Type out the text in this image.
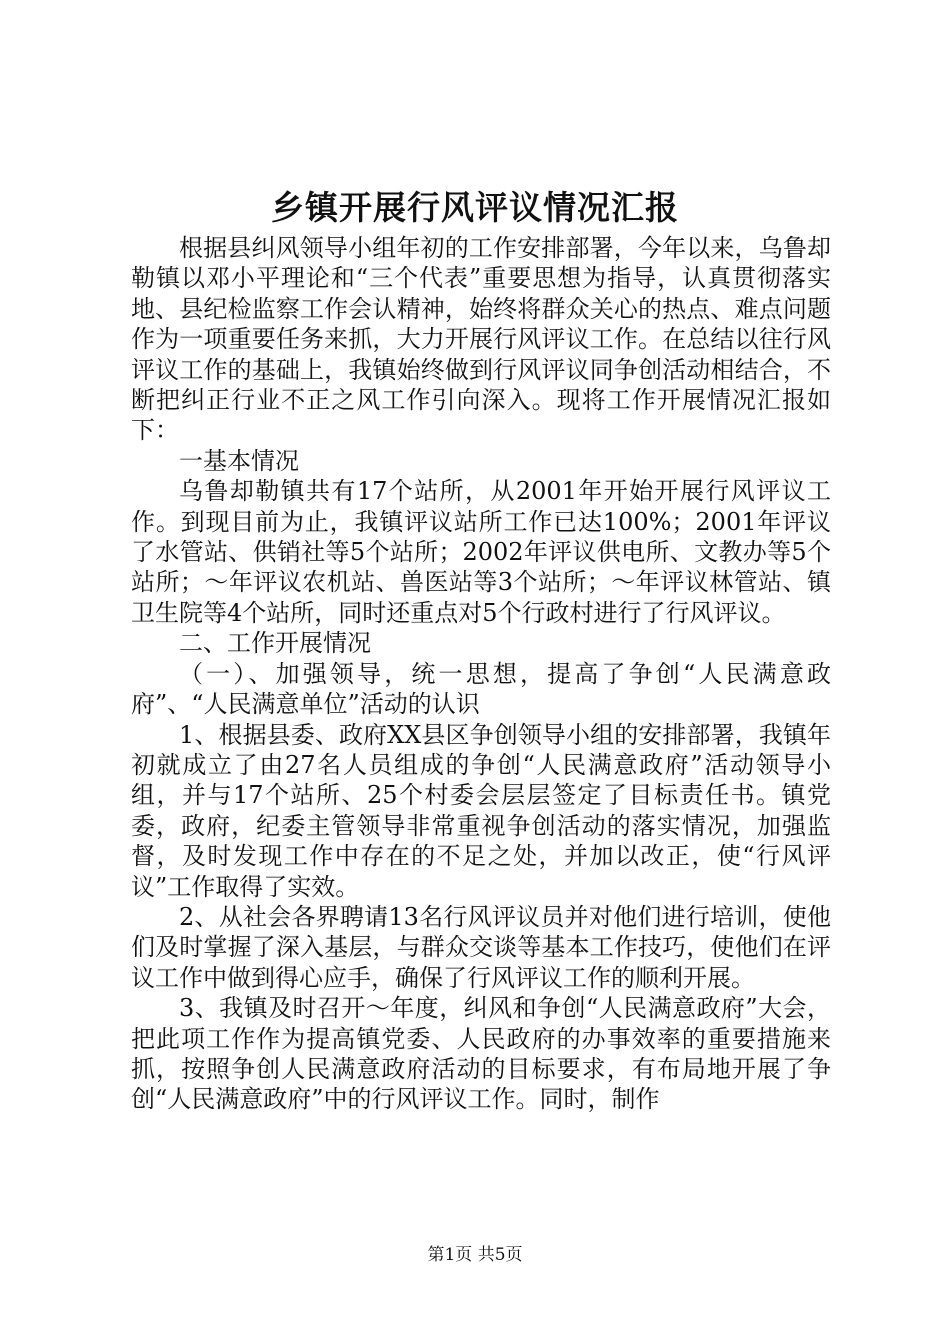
乡镇开展行风评议情况汇报

根据县纠风领导小组年初的工作安排部署，今年以来，乌鲁却勒镇以邓小平理论和“三个代表”重要思想为指导，认真贯彻落实地、县纪检监察工作会认精神，始终将群众关心的热点、难点问题作为一项重要任务来抓，大力开展行风评议工作。在总结以往行风评议工作的基础上，我镇始终做到行风评议同争创活动相结合，不断把纠正行业不正之风工作引向深入。现将工作开展情况汇报如下：

一基本情况

乌鲁却勒镇共有17个站所，从2001年开始开展行风评议工作。到现目前为止，我镇评议站所工作已达100%；2001年评议了水管站、供销社等5个站所；2002年评议供电所、文教办等5个站所；～年评议农机站、兽医站等3个站所；～年评议林管站、镇卫生院等4个站所，同时还重点对5个行政村进行了行风评议。

二、工作开展情况

（一）、加强领导，统一思想，提高了争创“人民满意政府”、“人民满意单位”活动的认识

1、根据县委、政府XX县区争创领导小组的安排部署，我镇年初就成立了由27名人员组成的争创“人民满意政府”活动领导小组，并与17个站所、25个村委会层层签定了目标责任书。镇党委，政府，纪委主管领导非常重视争创活动的落实情况，加强监督，及时发现工作中存在的不足之处，并加以改正，使“行风评议”工作取得了实效。

2、从社会各界聘请13名行风评议员并对他们进行培训，使他们及时掌握了深入基层，与群众交谈等基本工作技巧，使他们在评议工作中做到得心应手，确保了行风评议工作的顺利开展。

3、我镇及时召开～年度，纠风和争创“人民满意政府”大会，把此项工作作为提高镇党委、人民政府的办事效率的重要措施来抓，按照争创人民满意政府活动的目标要求，有布局地开展了争创“人民满意政府”中的行风评议工作。同时，制作

第1页 共5页
